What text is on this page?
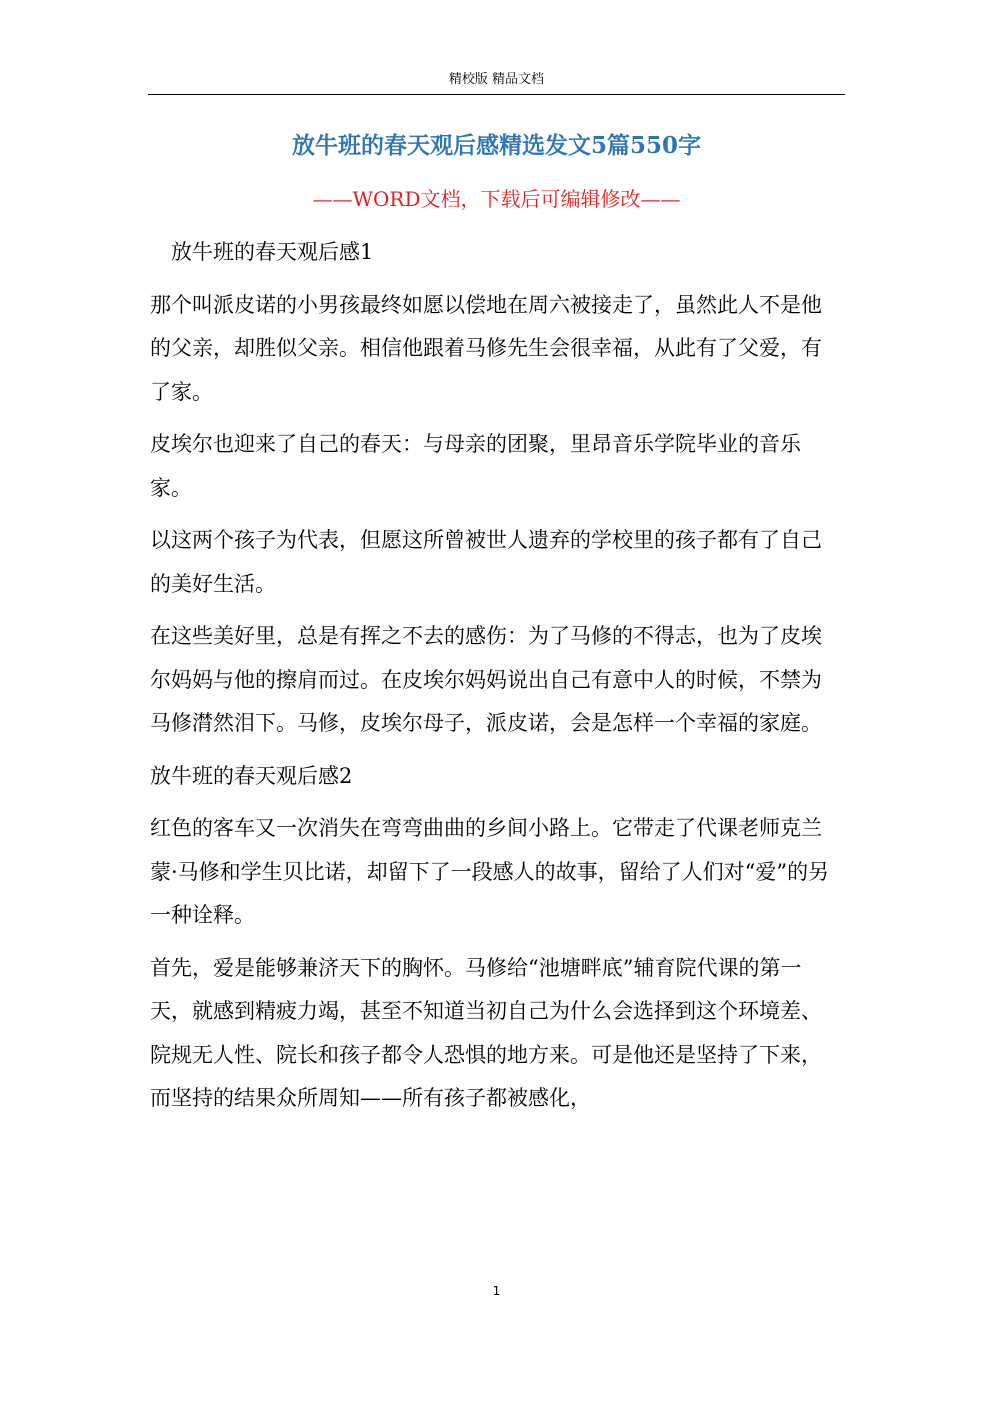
精校版 精品文档
放牛班的春天观后感精选发文5篇550字
——WORD文档，下载后可编辑修改——

放牛班的春天观后感1

那个叫派皮诺的小男孩最终如愿以偿地在周六被接走了，虽然此人不是他的父亲，却胜似父亲。相信他跟着马修先生会很幸福，从此有了父爱，有了家。

皮埃尔也迎来了自己的春天：与母亲的团聚，里昂音乐学院毕业的音乐家。

以这两个孩子为代表，但愿这所曾被世人遗弃的学校里的孩子都有了自己的美好生活。

在这些美好里，总是有挥之不去的感伤：为了马修的不得志，也为了皮埃尔妈妈与他的擦肩而过。在皮埃尔妈妈说出自己有意中人的时候，不禁为马修潸然泪下。马修，皮埃尔母子，派皮诺，会是怎样一个幸福的家庭。

放牛班的春天观后感2

红色的客车又一次消失在弯弯曲曲的乡间小路上。它带走了代课老师克兰蒙·马修和学生贝比诺，却留下了一段感人的故事，留给了人们对“爱”的另一种诠释。

首先，爱是能够兼济天下的胸怀。马修给“池塘畔底”辅育院代课的第一天，就感到精疲力竭，甚至不知道当初自己为什么会选择到这个环境差、院规无人性、院长和孩子都令人恐惧的地方来。可是他还是坚持了下来，而坚持的结果众所周知——所有孩子都被感化，

1
